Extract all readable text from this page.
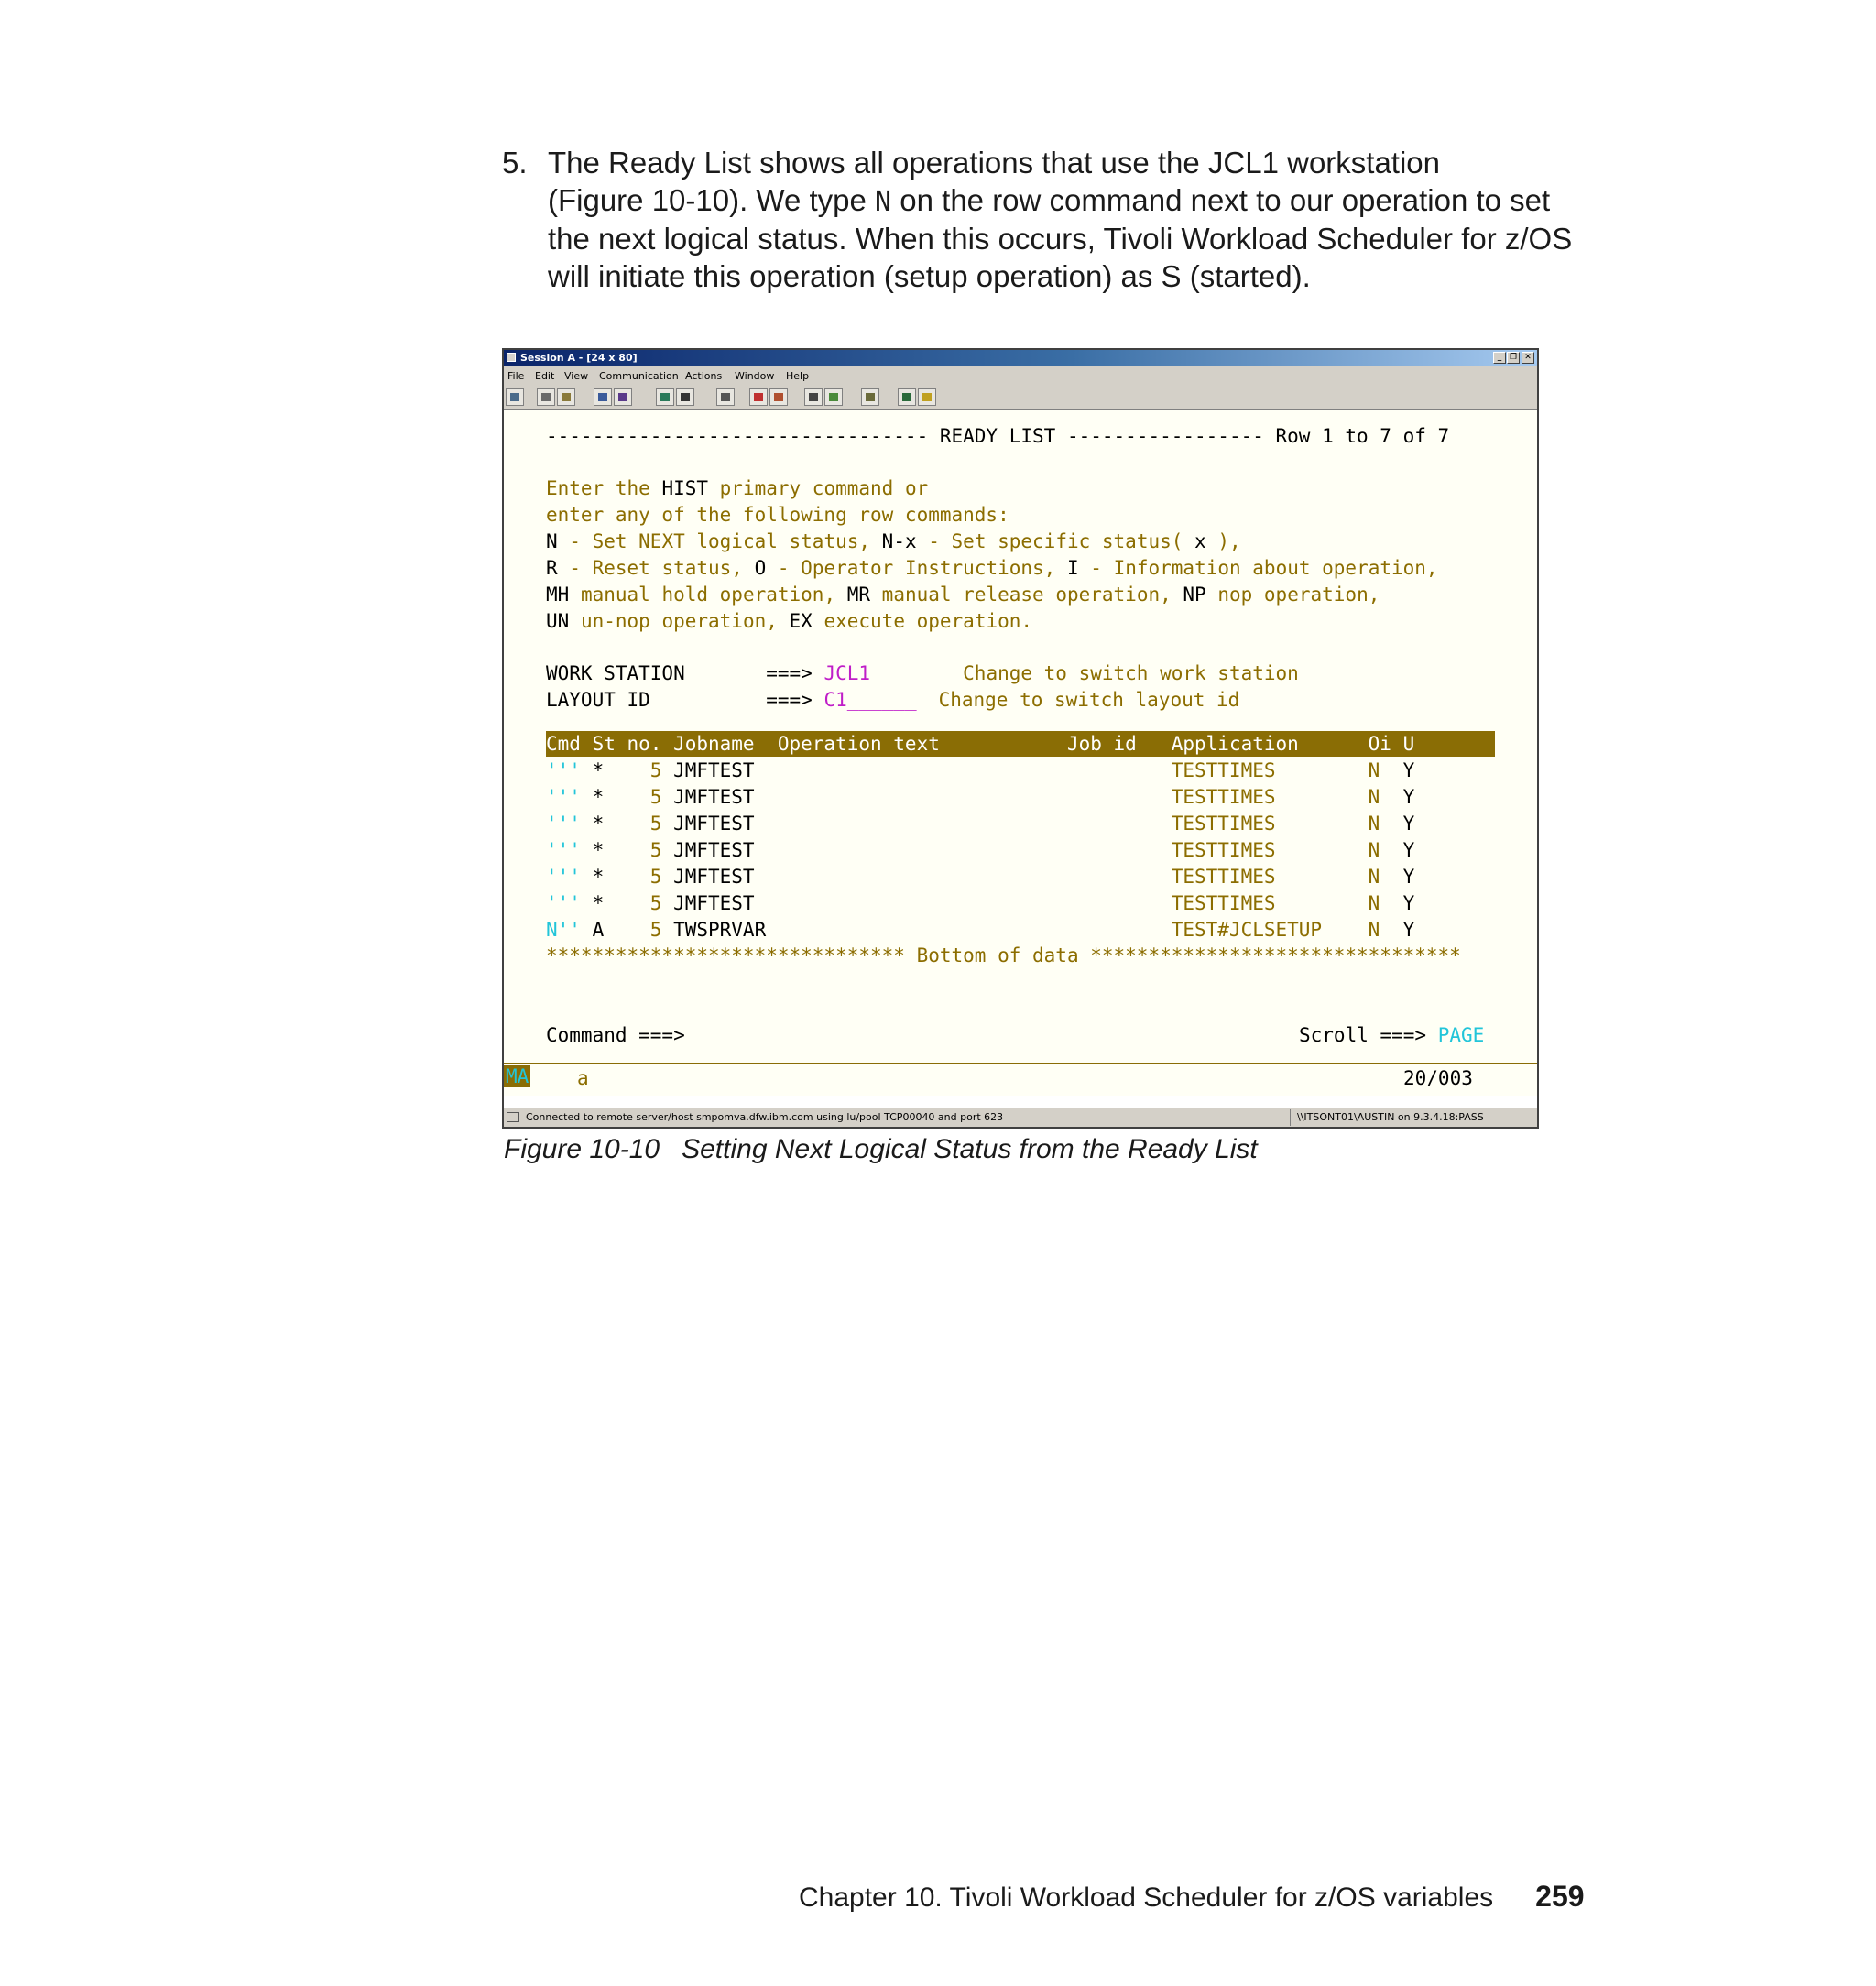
5. The Ready List shows all operations that use the JCL1 workstation
(Figure 10-10). We type N on the row command next to our operation to set
the next logical status. When this occurs, Tivoli Workload Scheduler for z/OS
will initiate this operation (setup operation) as S (started).
Session A - [24 x 80]	_ ❐ ✕
File Edit View Communication Actions Window Help
--------------------------------- READY LIST ----------------- Row 1 to 7 of 7
Enter the HIST primary command or
enter any of the following row commands:
N - Set NEXT logical status, N-x - Set specific status( x ),
R - Reset status, O - Operator Instructions, I - Information about operation,
MH manual hold operation, MR manual release operation, NP nop operation,
UN un-nop operation, EX execute operation.
WORK STATION       ===> JCL1        Change to switch work station
LAYOUT ID          ===> C1______ Change to switch layout id
Cmd St no. Jobname  Operation text           Job id   Application      Oi U
''' * 5 JMFTEST	TESTTIMES	N Y
''' * 5 JMFTEST	TESTTIMES	N Y
''' * 5 JMFTEST	TESTTIMES	N Y
''' * 5 JMFTEST	TESTTIMES	N Y
''' * 5 JMFTEST	TESTTIMES	N Y
''' * 5 JMFTEST	TESTTIMES	N Y
N'' A 5 TWSPRVAR	TEST#JCLSETUP N Y
******************************* Bottom of data ********************************
Command ===>	Scroll ===> PAGE
MA	a	20/003
Connected to remote server/host smpomva.dfw.ibm.com using lu/pool TCP00040 and port 623	\\ITSONT01\AUSTIN on 9.3.4.18:PASS
Figure 10-10 Setting Next Logical Status from the Ready List
Chapter 10. Tivoli Workload Scheduler for z/OS variables 259
